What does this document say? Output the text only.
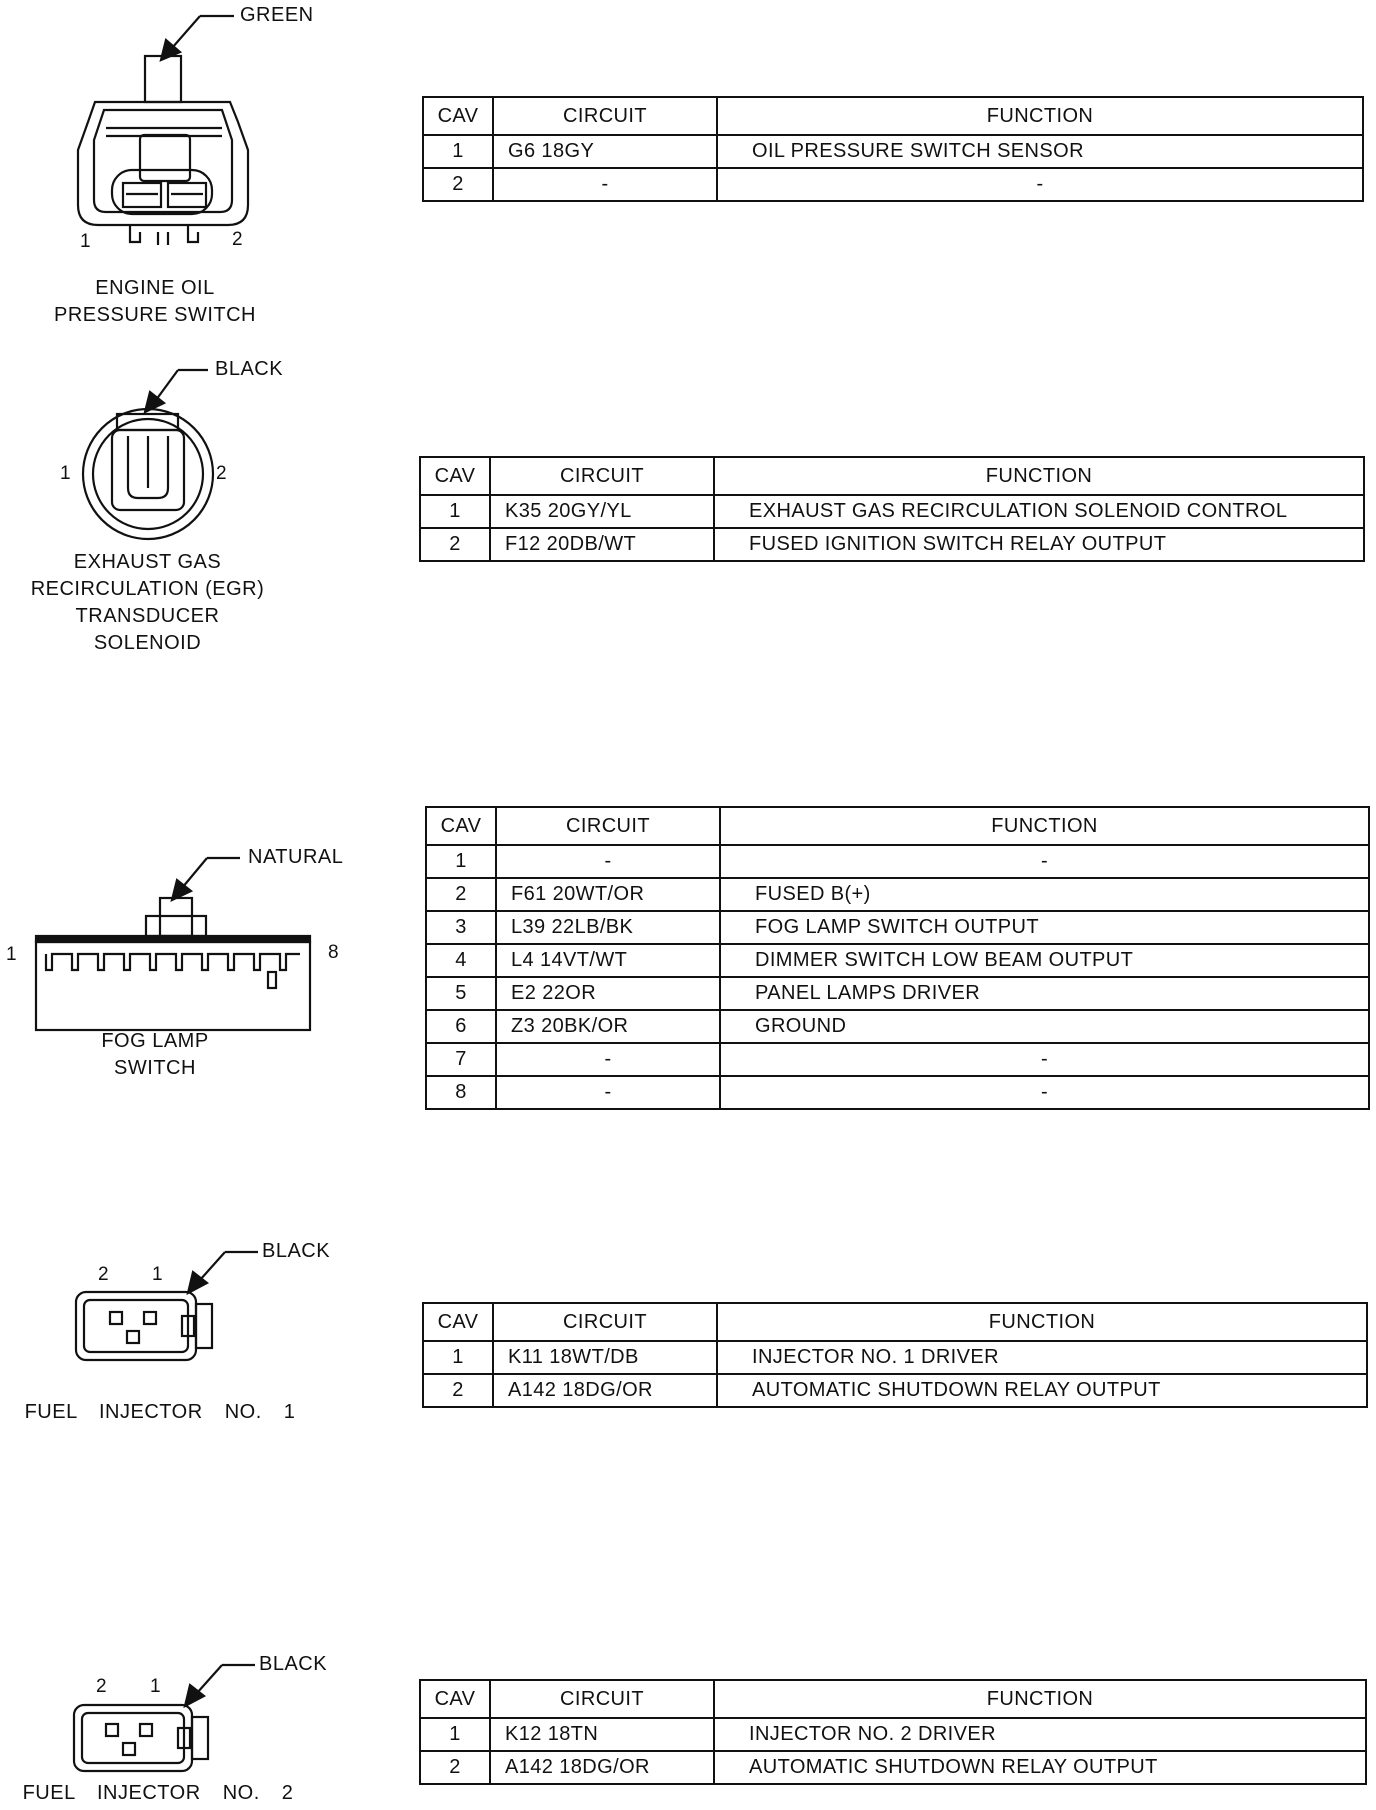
GREEN
1	2
ENGINE OIL
PRESSURE SWITCH
CAV	CIRCUIT	FUNCTION
1	G6 18GY	OIL PRESSURE SWITCH SENSOR
2	-	-
BLACK
1	2
EXHAUST GAS
RECIRCULATION (EGR)
TRANSDUCER
SOLENOID
CAV	CIRCUIT	FUNCTION
1	K35 20GY/YL	EXHAUST GAS RECIRCULATION SOLENOID CONTROL
2	F12 20DB/WT	FUSED IGNITION SWITCH RELAY OUTPUT
NATURAL
1	8
FOG LAMP
SWITCH
CAV	CIRCUIT	FUNCTION
1	-	-
2	F61 20WT/OR	FUSED B(+)
3	L39 22LB/BK	FOG LAMP SWITCH OUTPUT
4	L4 14VT/WT	DIMMER SWITCH LOW BEAM OUTPUT
5	E2 22OR	PANEL LAMPS DRIVER
6	Z3 20BK/OR	GROUND
7	-	-
8	-	-
BLACK
2 1
FUEL INJECTOR NO. 1
CAV	CIRCUIT	FUNCTION
1	K11 18WT/DB	INJECTOR NO. 1 DRIVER
2	A142 18DG/OR	AUTOMATIC SHUTDOWN RELAY OUTPUT
BLACK
2 1
FUEL INJECTOR NO. 2
CAV	CIRCUIT	FUNCTION
1	K12 18TN	INJECTOR NO. 2 DRIVER
2	A142 18DG/OR	AUTOMATIC SHUTDOWN RELAY OUTPUT
